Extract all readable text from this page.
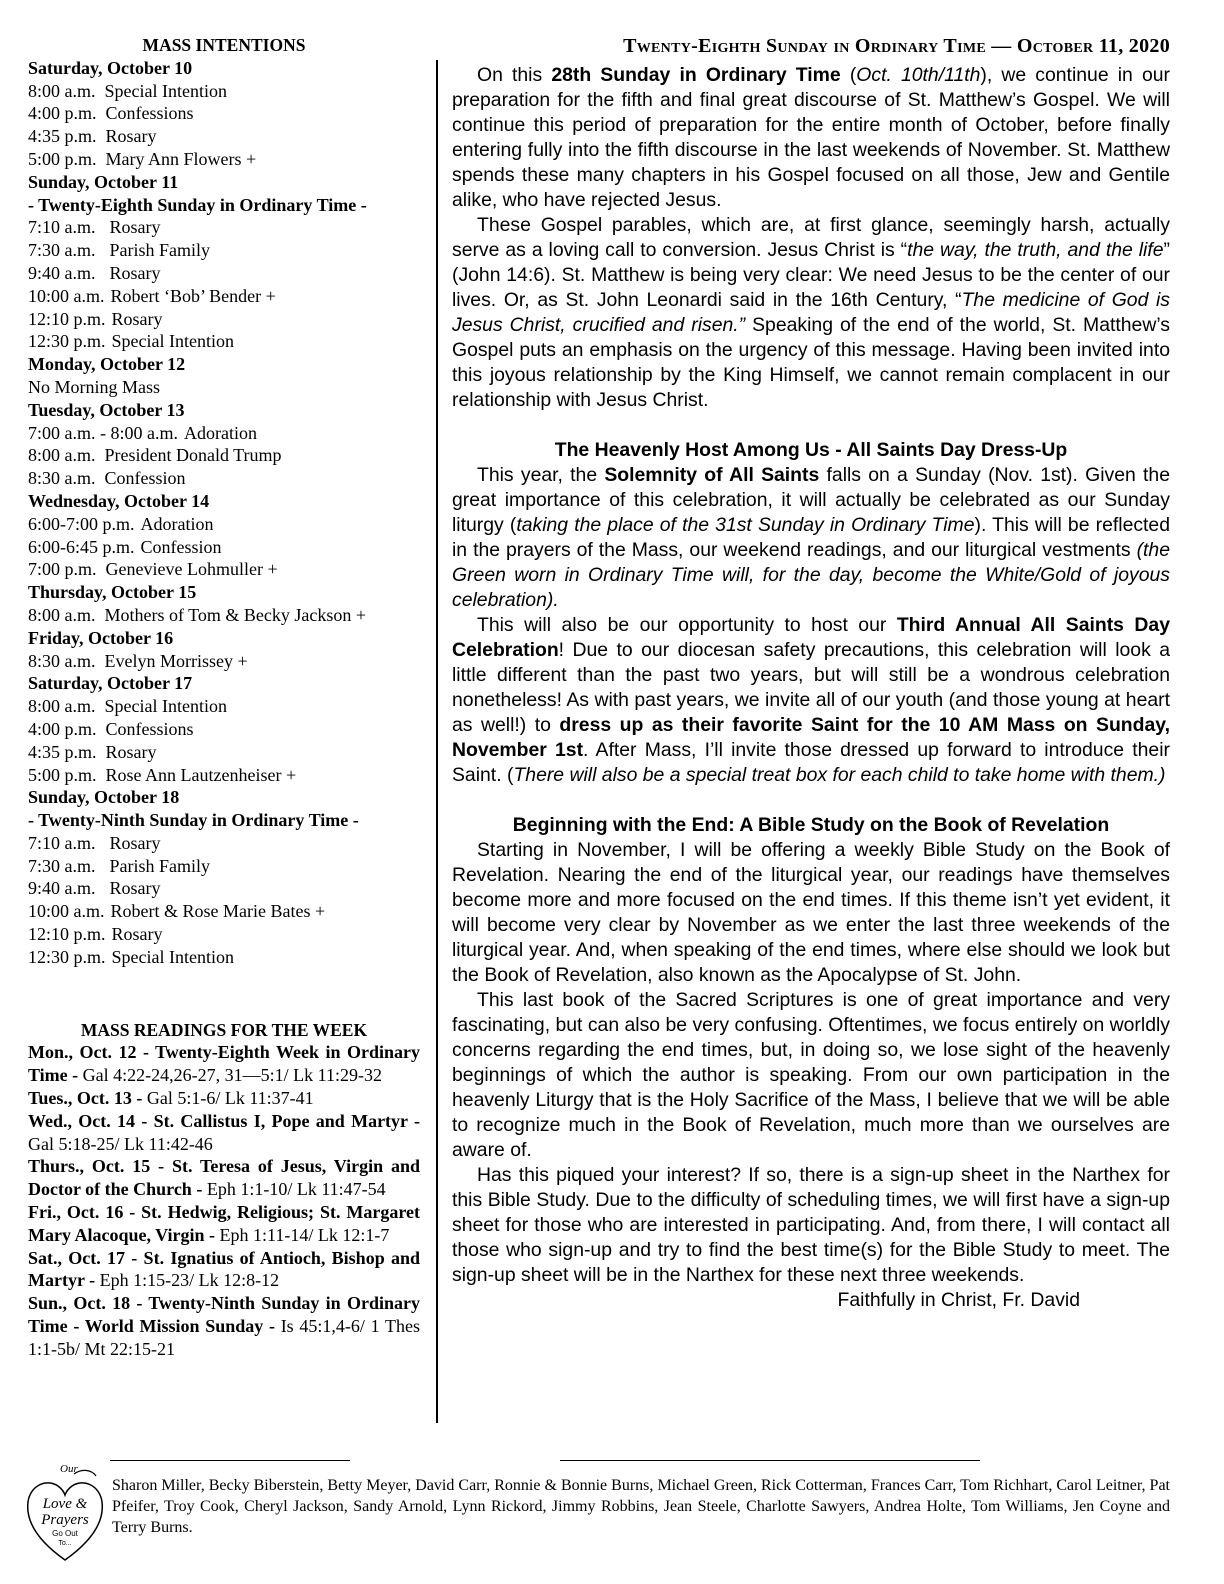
MASS INTENTIONS
Saturday, October 10
8:00 a.m. Special Intention
4:00 p.m. Confessions
4:35 p.m. Rosary
5:00 p.m. Mary Ann Flowers +
Sunday, October 11
- Twenty-Eighth Sunday in Ordinary Time -
7:10 a.m. Rosary
7:30 a.m. Parish Family
9:40 a.m. Rosary
10:00 a.m. Robert ‘Bob’ Bender +
12:10 p.m. Rosary
12:30 p.m. Special Intention
Monday, October 12
No Morning Mass
Tuesday, October 13
7:00 a.m. - 8:00 a.m. Adoration
8:00 a.m. President Donald Trump
8:30 a.m. Confession
Wednesday, October 14
6:00-7:00 p.m. Adoration
6:00-6:45 p.m. Confession
7:00 p.m. Genevieve Lohmuller +
Thursday, October 15
8:00 a.m. Mothers of Tom & Becky Jackson +
Friday, October 16
8:30 a.m. Evelyn Morrissey +
Saturday, October 17
8:00 a.m. Special Intention
4:00 p.m. Confessions
4:35 p.m. Rosary
5:00 p.m. Rose Ann Lautzenheiser +
Sunday, October 18
- Twenty-Ninth Sunday in Ordinary Time -
7:10 a.m. Rosary
7:30 a.m. Parish Family
9:40 a.m. Rosary
10:00 a.m. Robert & Rose Marie Bates +
12:10 p.m. Rosary
12:30 p.m. Special Intention
MASS READINGS FOR THE WEEK
Mon., Oct. 12 - Twenty-Eighth Week in Ordinary Time - Gal 4:22-24,26-27, 31—5:1/ Lk 11:29-32
Tues., Oct. 13 - Gal 5:1-6/ Lk 11:37-41
Wed., Oct. 14 - St. Callistus I, Pope and Martyr - Gal 5:18-25/ Lk 11:42-46
Thurs., Oct. 15 - St. Teresa of Jesus, Virgin and Doctor of the Church - Eph 1:1-10/ Lk 11:47-54
Fri., Oct. 16 - St. Hedwig, Religious; St. Margaret Mary Alacoque, Virgin - Eph 1:11-14/ Lk 12:1-7
Sat., Oct. 17 - St. Ignatius of Antioch, Bishop and Martyr - Eph 1:15-23/ Lk 12:8-12
Sun., Oct. 18 - Twenty-Ninth Sunday in Ordinary Time - World Mission Sunday - Is 45:1,4-6/ 1 Thes 1:1-5b/ Mt 22:15-21
Twenty-Eighth Sunday in Ordinary Time — October 11, 2020

On this 28th Sunday in Ordinary Time (Oct. 10th/11th), we continue in our preparation for the fifth and final great discourse of St. Matthew’s Gospel. We will continue this period of preparation for the entire month of October, before finally entering fully into the fifth discourse in the last weekends of November. St. Matthew spends these many chapters in his Gospel focused on all those, Jew and Gentile alike, who have rejected Jesus.

These Gospel parables, which are, at first glance, seemingly harsh, actually serve as a loving call to conversion. Jesus Christ is “the way, the truth, and the life” (John 14:6). St. Matthew is being very clear: We need Jesus to be the center of our lives. Or, as St. John Leonardi said in the 16th Century, “The medicine of God is Jesus Christ, crucified and risen.” Speaking of the end of the world, St. Matthew’s Gospel puts an emphasis on the urgency of this message. Having been invited into this joyous relationship by the King Himself, we cannot remain complacent in our relationship with Jesus Christ.

The Heavenly Host Among Us - All Saints Day Dress-Up

This year, the Solemnity of All Saints falls on a Sunday (Nov. 1st). Given the great importance of this celebration, it will actually be celebrated as our Sunday liturgy (taking the place of the 31st Sunday in Ordinary Time). This will be reflected in the prayers of the Mass, our weekend readings, and our liturgical vestments (the Green worn in Ordinary Time will, for the day, become the White/Gold of joyous celebration).

This will also be our opportunity to host our Third Annual All Saints Day Celebration! Due to our diocesan safety precautions, this celebration will look a little different than the past two years, but will still be a wondrous celebration nonetheless! As with past years, we invite all of our youth (and those young at heart as well!) to dress up as their favorite Saint for the 10 AM Mass on Sunday, November 1st. After Mass, I’ll invite those dressed up forward to introduce their Saint. (There will also be a special treat box for each child to take home with them.)

Beginning with the End: A Bible Study on the Book of Revelation

Starting in November, I will be offering a weekly Bible Study on the Book of Revelation. Nearing the end of the liturgical year, our readings have themselves become more and more focused on the end times. If this theme isn’t yet evident, it will become very clear by November as we enter the last three weekends of the liturgical year. And, when speaking of the end times, where else should we look but the Book of Revelation, also known as the Apocalypse of St. John.

This last book of the Sacred Scriptures is one of great importance and very fascinating, but can also be very confusing. Oftentimes, we focus entirely on worldly concerns regarding the end times, but, in doing so, we lose sight of the heavenly beginnings of which the author is speaking. From our own participation in the heavenly Liturgy that is the Holy Sacrifice of the Mass, I believe that we will be able to recognize much in the Book of Revelation, much more than we ourselves are aware of.

Has this piqued your interest? If so, there is a sign-up sheet in the Narthex for this Bible Study. Due to the difficulty of scheduling times, we will first have a sign-up sheet for those who are interested in participating. And, from there, I will contact all those who sign-up and try to find the best time(s) for the Bible Study to meet. The sign-up sheet will be in the Narthex for these next three weekends.

Faithfully in Christ, Fr. David
Our
Love &
Prayers
Go Out
To...
Sharon Miller, Becky Biberstein, Betty Meyer, David Carr, Ronnie & Bonnie Burns, Michael Green, Rick Cotterman, Frances Carr, Tom Richhart, Carol Leitner, Pat Pfeifer, Troy Cook, Cheryl Jackson, Sandy Arnold, Lynn Rickord, Jimmy Robbins, Jean Steele, Charlotte Sawyers, Andrea Holte, Tom Williams, Jen Coyne and Terry Burns.
